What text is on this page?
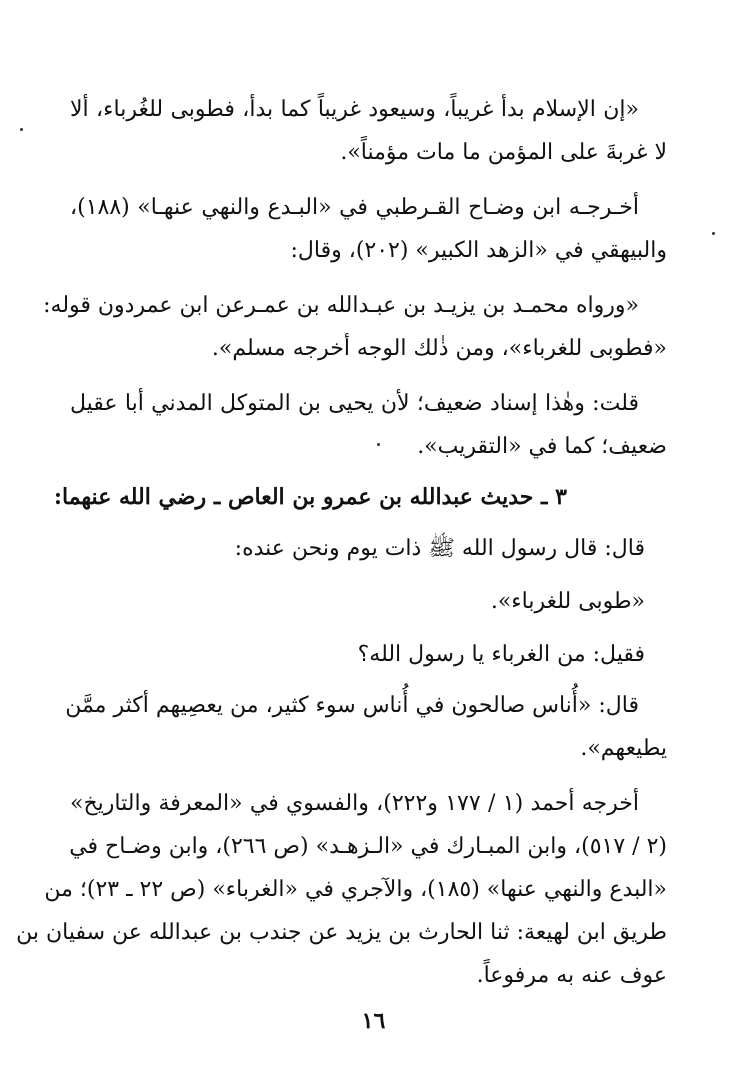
«إن الإسلام بدأ غريباً، وسيعود غريباً كما بدأ، فطوبى للغُرباء، ألا
لا غربةَ على المؤمن ما مات مؤمناً».
أخـرجـه ابن وضـاح القـرطبي في «البـدع والنهي عنهـا» (١٨٨)،
والبيهقي في «الزهد الكبير» (٢٠٢)، وقال:
«ورواه محمـد بن يزيـد بن عبـدالله بن عمـرعن ابن عمردون قوله:
«فطوبى للغرباء»، ومن ذٰلك الوجه أخرجه مسلم».
قلت: وهٰذا إسناد ضعيف؛ لأن يحيى بن المتوكل المدني أبا عقيل
ضعيف؛ كما في «التقريب».
٣ ـ حديث عبدالله بن عمرو بن العاص ـ رضي الله عنهما:
قال: قال رسول الله ﷺ ذات يوم ونحن عنده:
«طوبى للغرباء».
فقيل: من الغرباء يا رسول الله؟
قال: «أُناس صالحون في أُناس سوء كثير، من يعصِيهم أكثر ممَّن
يطيعهم».
أخرجه أحمد (١ / ١٧٧ و٢٢٢)، والفسوي في «المعرفة والتاريخ»
(٢ / ٥١٧)، وابن المبـارك في «الـزهـد» (ص ٢٦٦)، وابن وضـاح في
«البدع والنهي عنها» (١٨٥)، والآجري في «الغرباء» (ص ٢٢ ـ ٢٣)؛ من
طريق ابن لهيعة: ثنا الحارث بن يزيد عن جندب بن عبدالله عن سفيان بن
عوف عنه به مرفوعاً.
١٦
